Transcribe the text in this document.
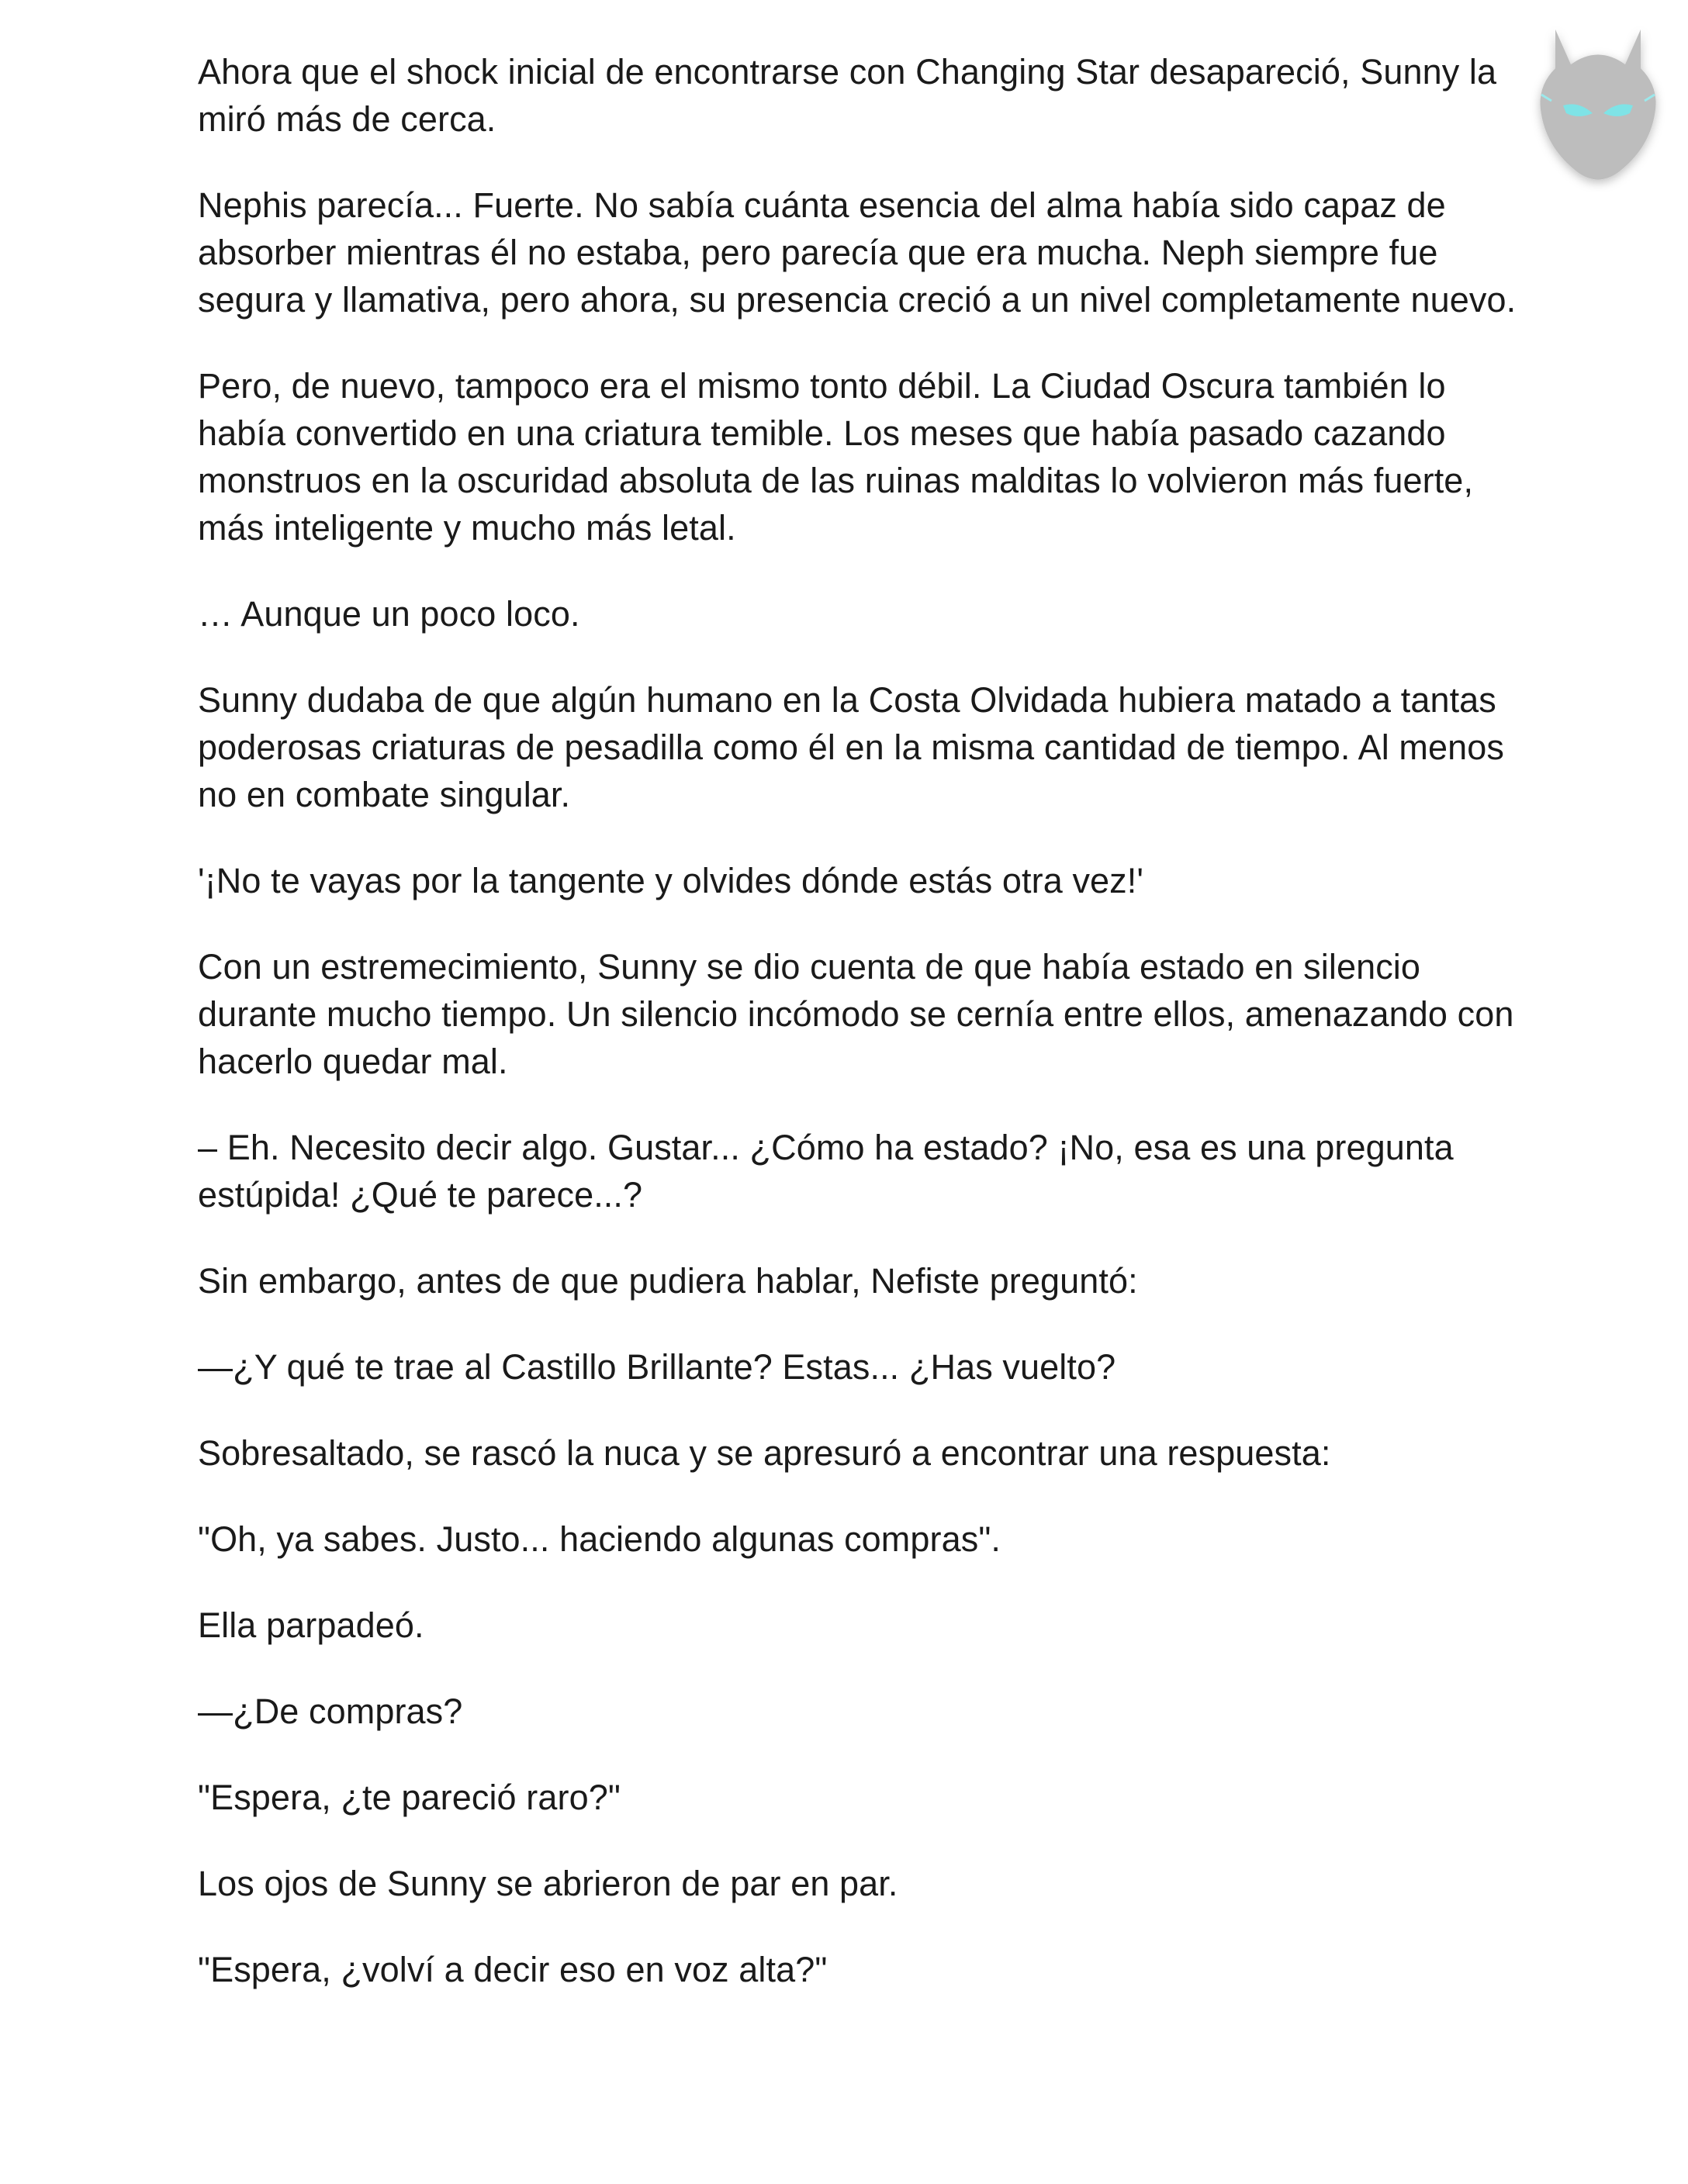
Ahora que el shock inicial de encontrarse con Changing Star desapareció, Sunny la miró más de cerca.

Nephis parecía... Fuerte. No sabía cuánta esencia del alma había sido capaz de absorber mientras él no estaba, pero parecía que era mucha. Neph siempre fue segura y llamativa, pero ahora, su presencia creció a un nivel completamente nuevo.

Pero, de nuevo, tampoco era el mismo tonto débil. La Ciudad Oscura también lo había convertido en una criatura temible. Los meses que había pasado cazando monstruos en la oscuridad absoluta de las ruinas malditas lo volvieron más fuerte, más inteligente y mucho más letal.

… Aunque un poco loco.

Sunny dudaba de que algún humano en la Costa Olvidada hubiera matado a tantas poderosas criaturas de pesadilla como él en la misma cantidad de tiempo. Al menos no en combate singular.

'¡No te vayas por la tangente y olvides dónde estás otra vez!'

Con un estremecimiento, Sunny se dio cuenta de que había estado en silencio durante mucho tiempo. Un silencio incómodo se cernía entre ellos, amenazando con hacerlo quedar mal.

– Eh. Necesito decir algo. Gustar... ¿Cómo ha estado? ¡No, esa es una pregunta estúpida! ¿Qué te parece...?

Sin embargo, antes de que pudiera hablar, Nefiste preguntó:

—¿Y qué te trae al Castillo Brillante? Estas... ¿Has vuelto?

Sobresaltado, se rascó la nuca y se apresuró a encontrar una respuesta:

"Oh, ya sabes. Justo... haciendo algunas compras".

Ella parpadeó.

—¿De compras?

"Espera, ¿te pareció raro?"

Los ojos de Sunny se abrieron de par en par.

"Espera, ¿volví a decir eso en voz alta?"
